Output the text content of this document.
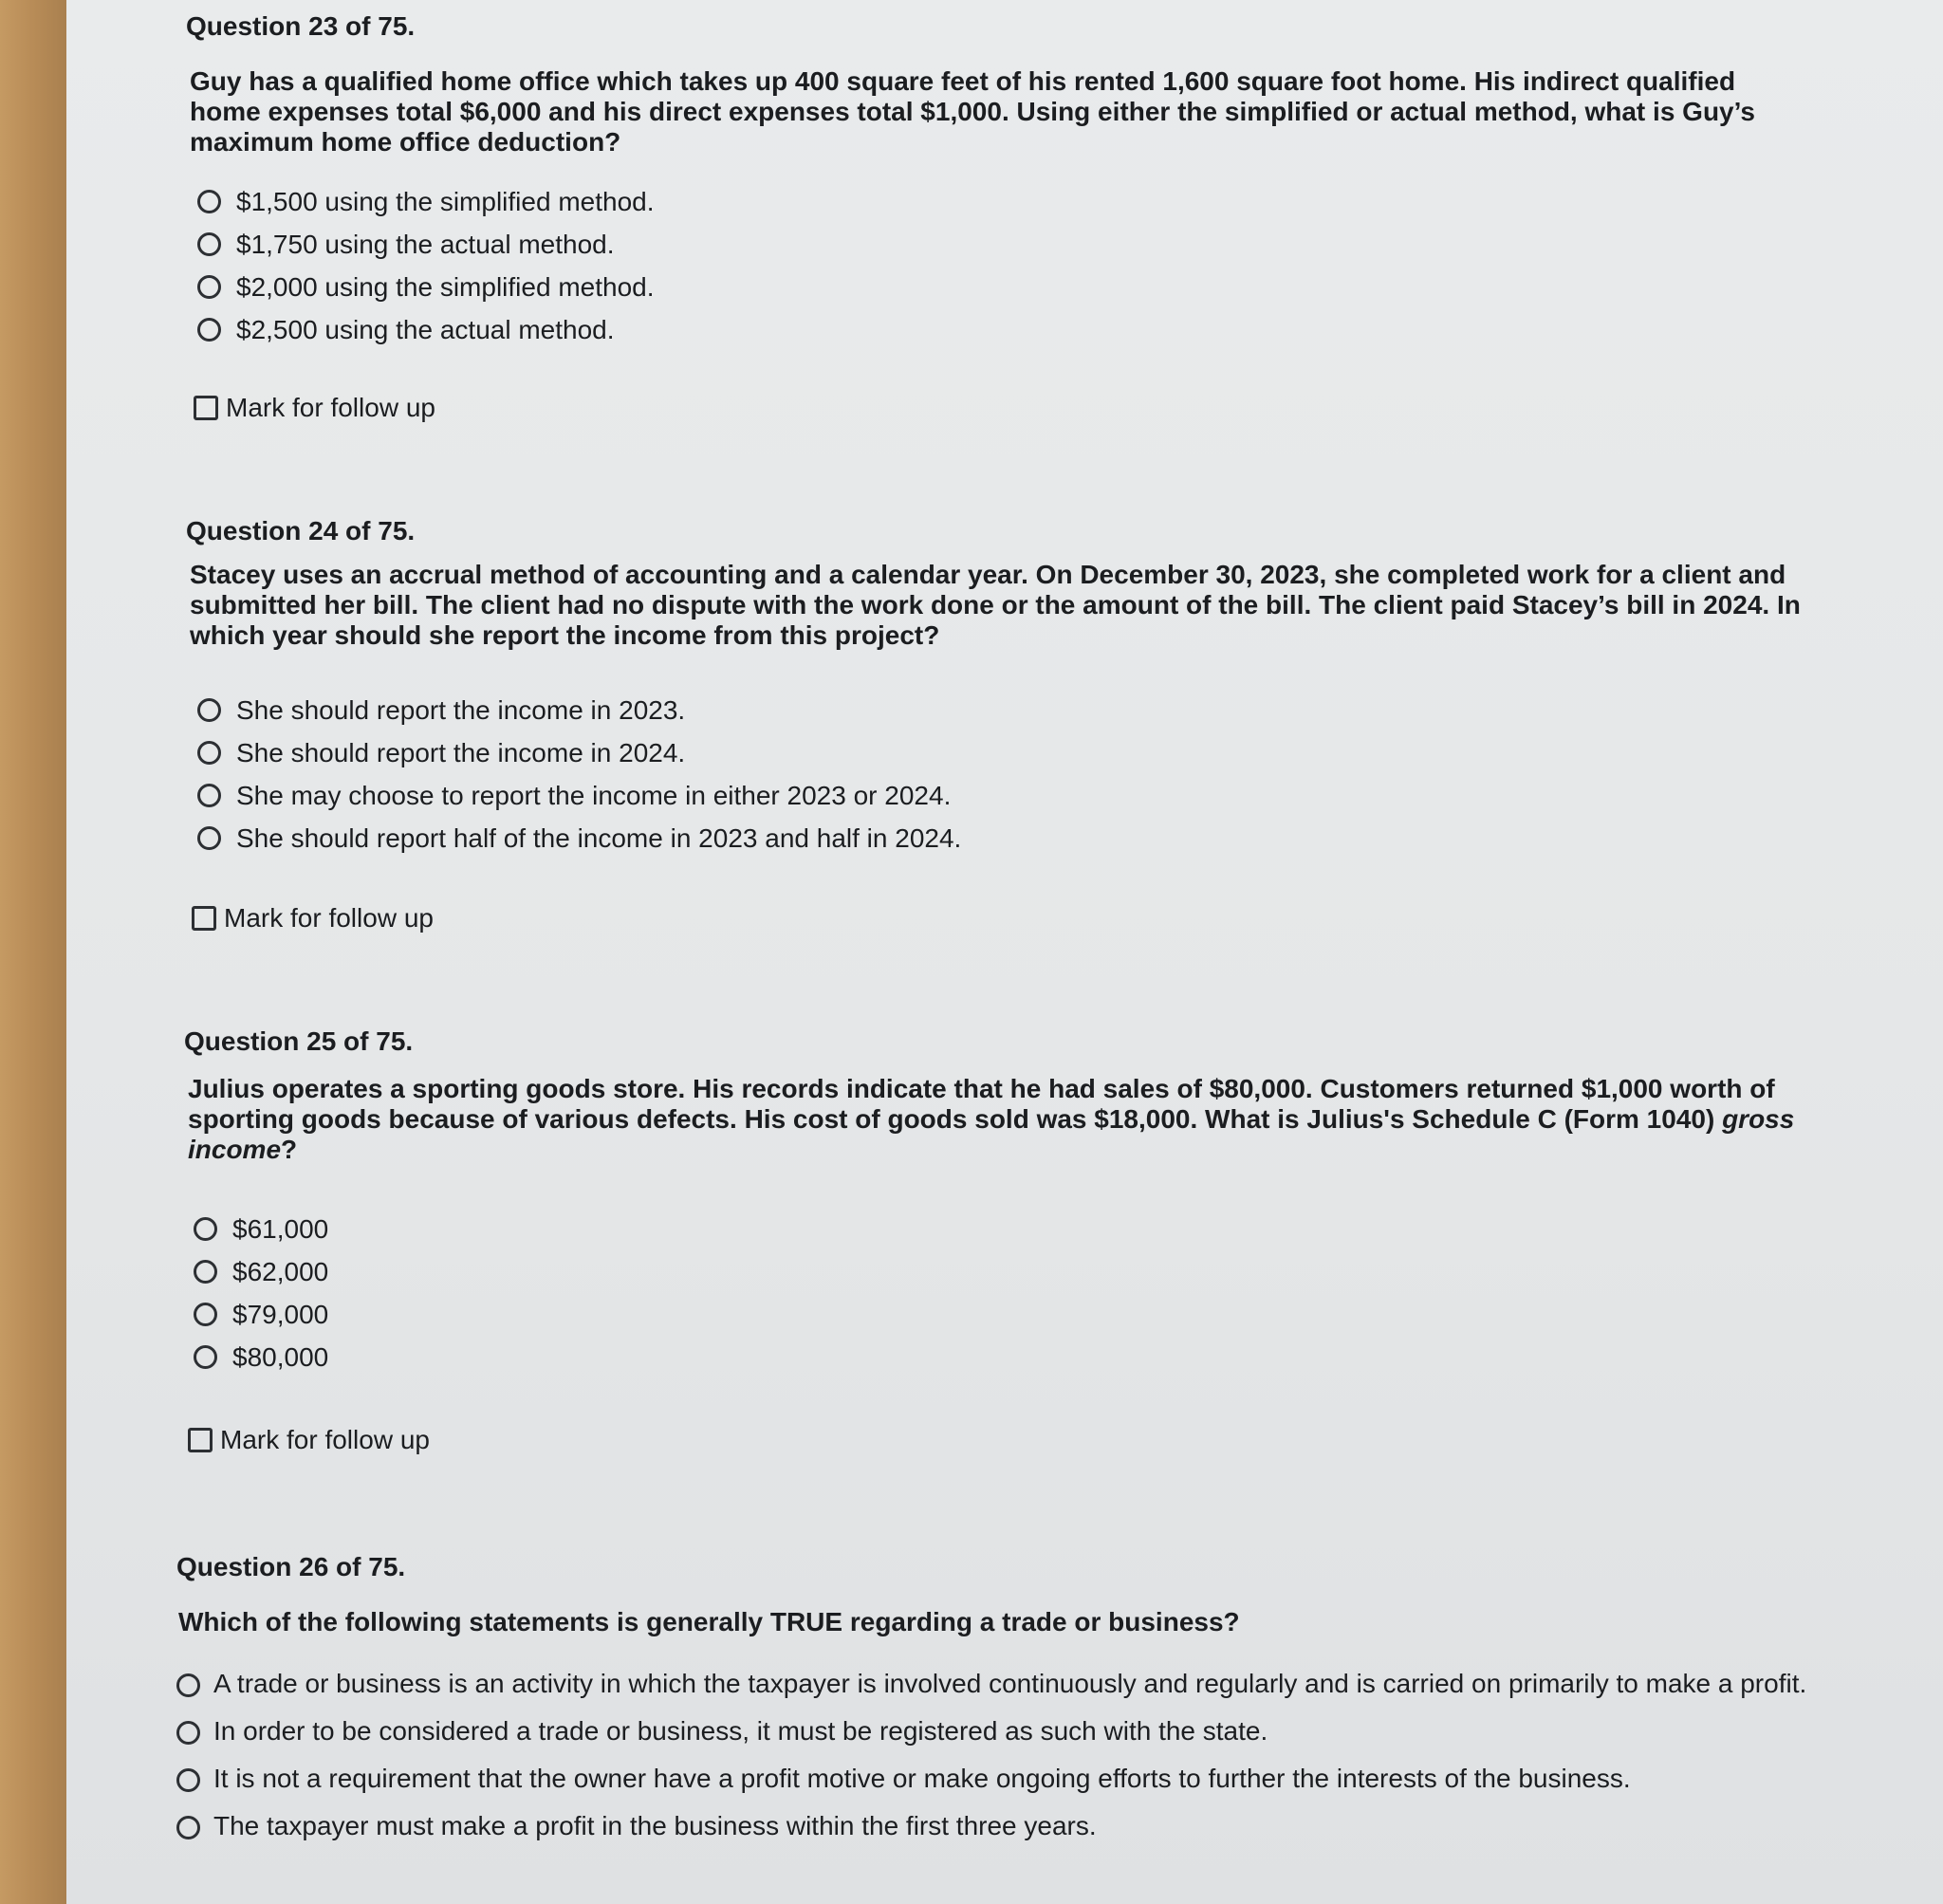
Question 23 of 75.

Guy has a qualified home office which takes up 400 square feet of his rented 1,600 square foot home. His indirect qualified home expenses total $6,000 and his direct expenses total $1,000. Using either the simplified or actual method, what is Guy’s maximum home office deduction?

$1,500 using the simplified method.
$1,750 using the actual method.
$2,000 using the simplified method.
$2,500 using the actual method.
Mark for follow up
Question 24 of 75.

Stacey uses an accrual method of accounting and a calendar year. On December 30, 2023, she completed work for a client and submitted her bill. The client had no dispute with the work done or the amount of the bill. The client paid Stacey’s bill in 2024. In which year should she report the income from this project?

She should report the income in 2023.
She should report the income in 2024.
She may choose to report the income in either 2023 or 2024.
She should report half of the income in 2023 and half in 2024.
Mark for follow up
Question 25 of 75.

Julius operates a sporting goods store. His records indicate that he had sales of $80,000. Customers returned $1,000 worth of sporting goods because of various defects. His cost of goods sold was $18,000. What is Julius's Schedule C (Form 1040) gross income?

$61,000
$62,000
$79,000
$80,000
Mark for follow up
Question 26 of 75.

Which of the following statements is generally TRUE regarding a trade or business?

A trade or business is an activity in which the taxpayer is involved continuously and regularly and is carried on primarily to make a profit.
In order to be considered a trade or business, it must be registered as such with the state.
It is not a requirement that the owner have a profit motive or make ongoing efforts to further the interests of the business.
The taxpayer must make a profit in the business within the first three years.
